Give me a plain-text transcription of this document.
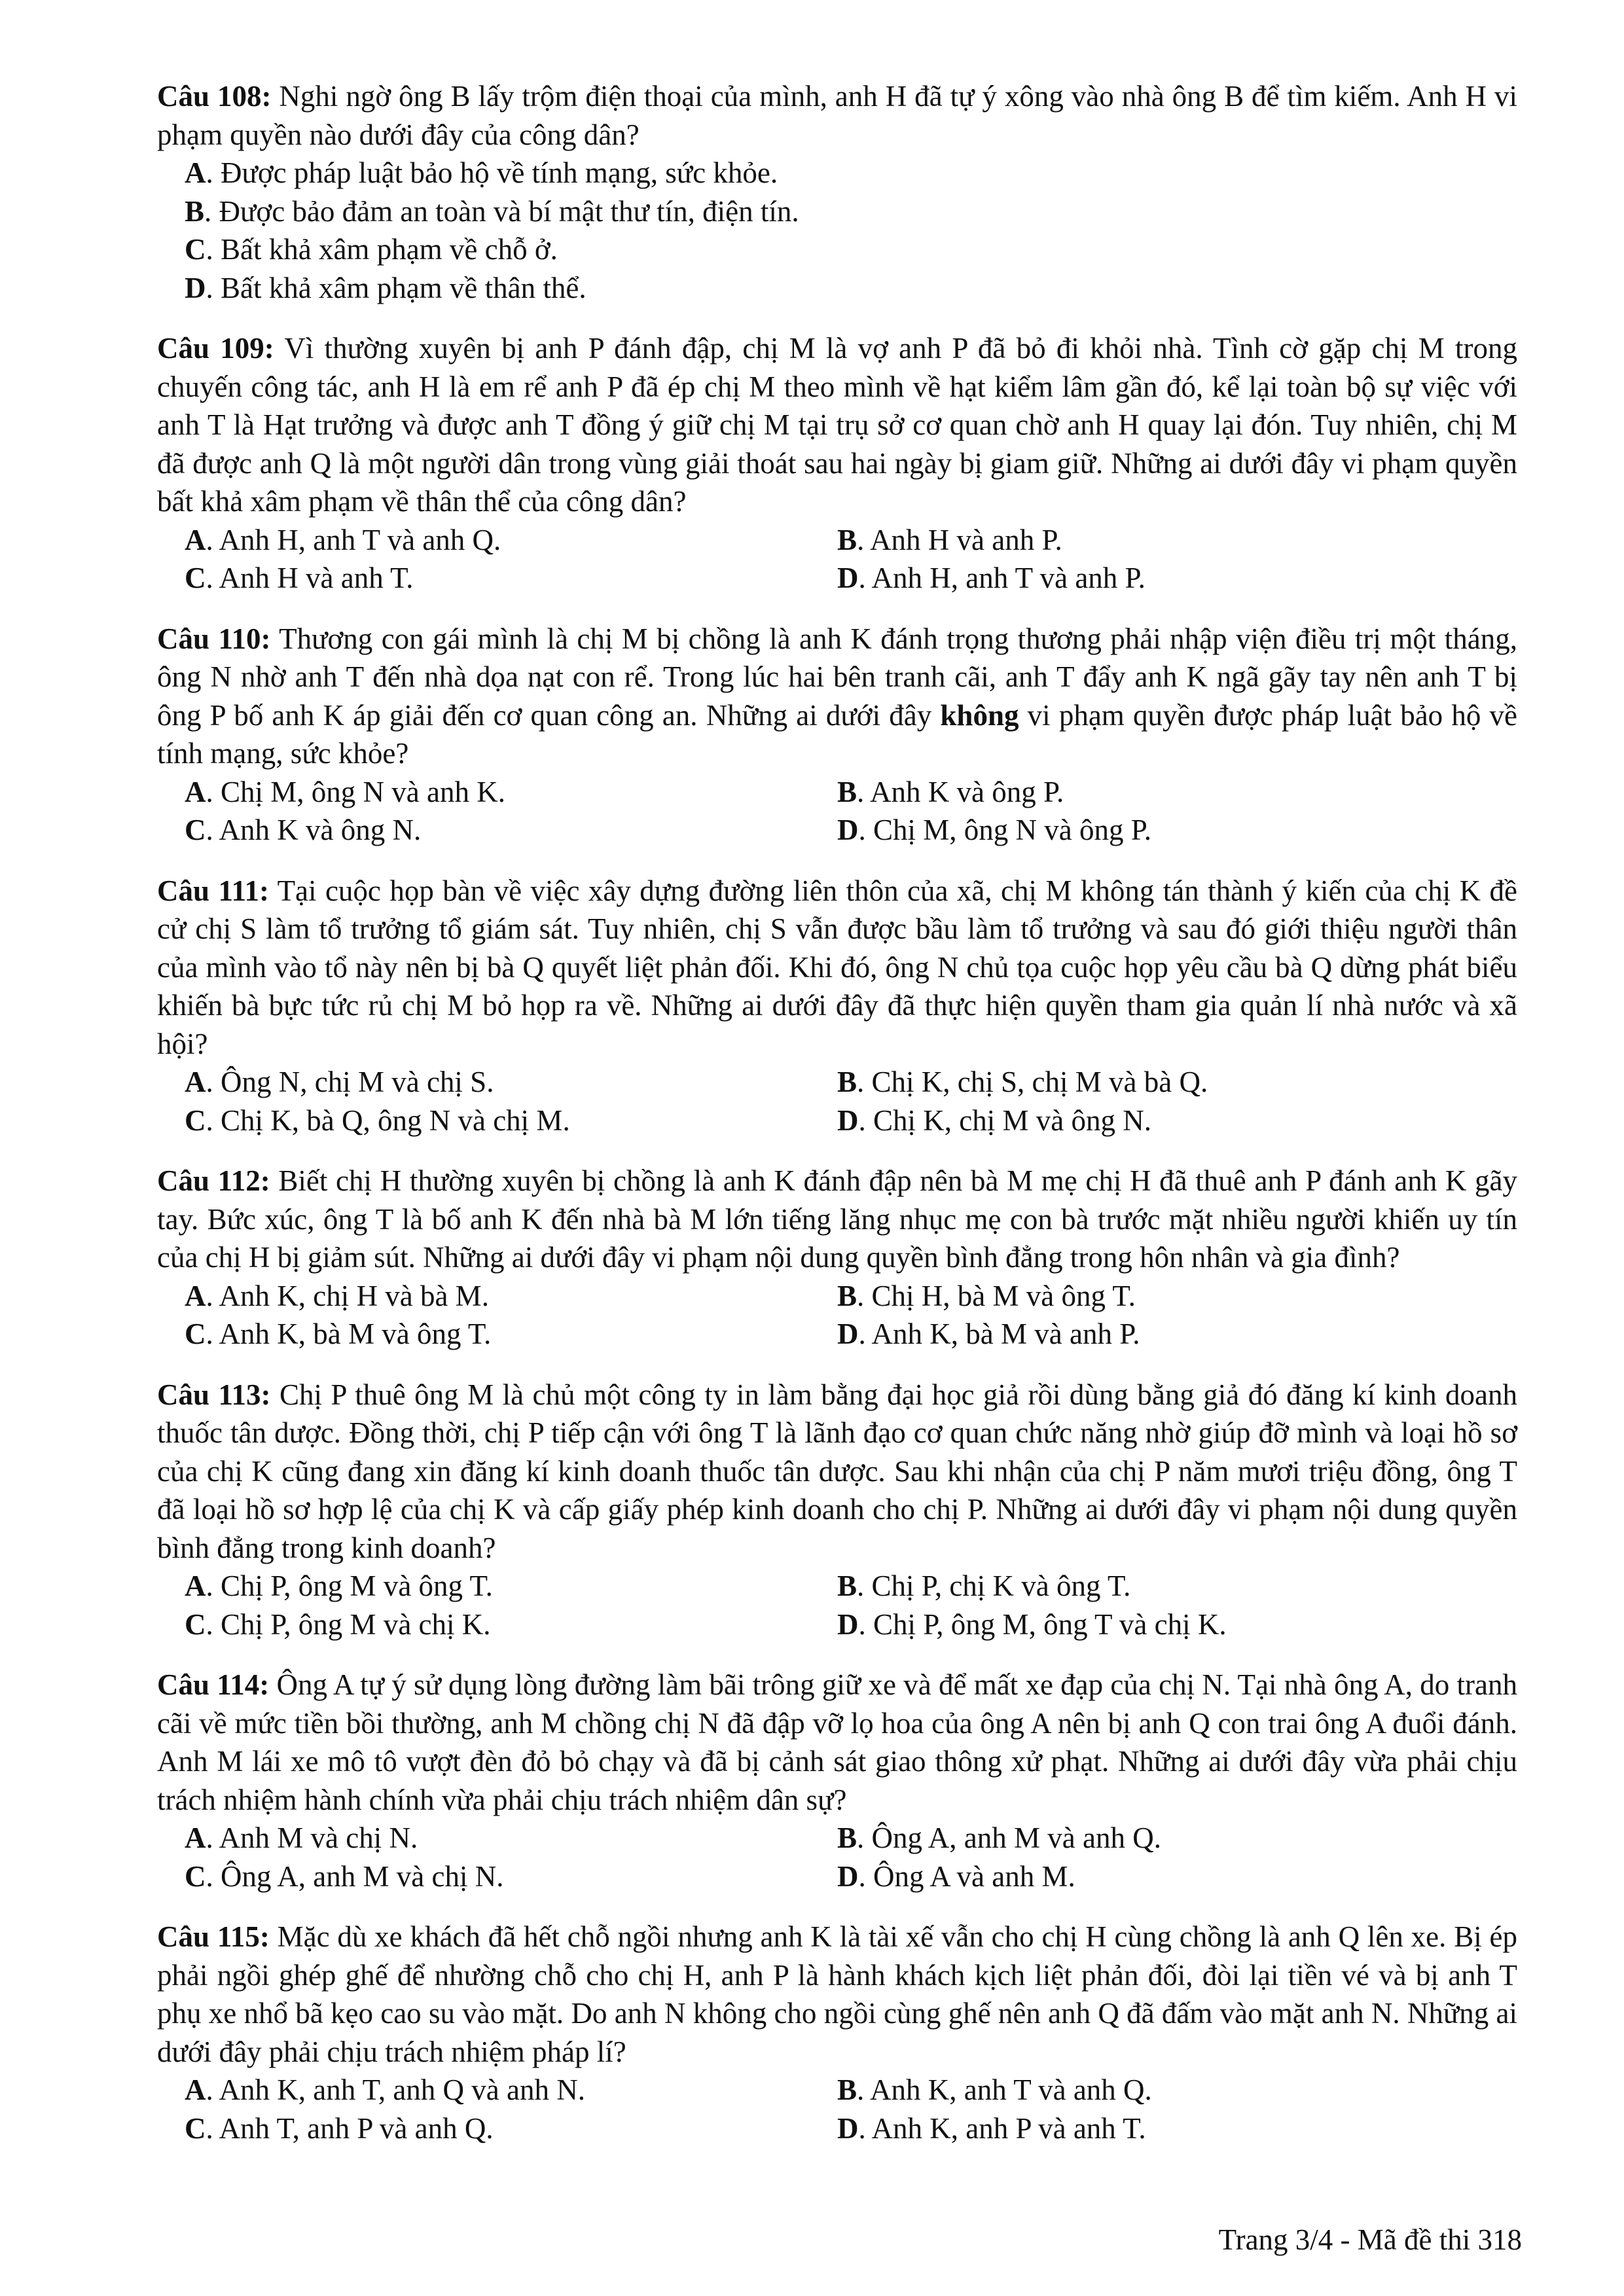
Câu 108: Nghi ngờ ông B lấy trộm điện thoại của mình, anh H đã tự ý xông vào nhà ông B để tìm kiếm. Anh H vi phạm quyền nào dưới đây của công dân?

A. Được pháp luật bảo hộ về tính mạng, sức khỏe.
B. Được bảo đảm an toàn và bí mật thư tín, điện tín.
C. Bất khả xâm phạm về chỗ ở.
D. Bất khả xâm phạm về thân thể.

Câu 109: Vì thường xuyên bị anh P đánh đập, chị M là vợ anh P đã bỏ đi khỏi nhà. Tình cờ gặp chị M trong chuyến công tác, anh H là em rể anh P đã ép chị M theo mình về hạt kiểm lâm gần đó, kể lại toàn bộ sự việc với anh T là Hạt trưởng và được anh T đồng ý giữ chị M tại trụ sở cơ quan chờ anh H quay lại đón. Tuy nhiên, chị M đã được anh Q là một người dân trong vùng giải thoát sau hai ngày bị giam giữ. Những ai dưới đây vi phạm quyền bất khả xâm phạm về thân thể của công dân?

A. Anh H, anh T và anh Q.	B. Anh H và anh P.
C. Anh H và anh T.	D. Anh H, anh T và anh P.

Câu 110: Thương con gái mình là chị M bị chồng là anh K đánh trọng thương phải nhập viện điều trị một tháng, ông N nhờ anh T đến nhà dọa nạt con rể. Trong lúc hai bên tranh cãi, anh T đẩy anh K ngã gãy tay nên anh T bị ông P bố anh K áp giải đến cơ quan công an. Những ai dưới đây không vi phạm quyền được pháp luật bảo hộ về tính mạng, sức khỏe?

A. Chị M, ông N và anh K.	B. Anh K và ông P.
C. Anh K và ông N.	D. Chị M, ông N và ông P.

Câu 111: Tại cuộc họp bàn về việc xây dựng đường liên thôn của xã, chị M không tán thành ý kiến của chị K đề cử chị S làm tổ trưởng tổ giám sát. Tuy nhiên, chị S vẫn được bầu làm tổ trưởng và sau đó giới thiệu người thân của mình vào tổ này nên bị bà Q quyết liệt phản đối. Khi đó, ông N chủ tọa cuộc họp yêu cầu bà Q dừng phát biểu khiến bà bực tức rủ chị M bỏ họp ra về. Những ai dưới đây đã thực hiện quyền tham gia quản lí nhà nước và xã hội?

A. Ông N, chị M và chị S.	B. Chị K, chị S, chị M và bà Q.
C. Chị K, bà Q, ông N và chị M.	D. Chị K, chị M và ông N.

Câu 112: Biết chị H thường xuyên bị chồng là anh K đánh đập nên bà M mẹ chị H đã thuê anh P đánh anh K gãy tay. Bức xúc, ông T là bố anh K đến nhà bà M lớn tiếng lăng nhục mẹ con bà trước mặt nhiều người khiến uy tín của chị H bị giảm sút. Những ai dưới đây vi phạm nội dung quyền bình đẳng trong hôn nhân và gia đình?

A. Anh K, chị H và bà M.	B. Chị H, bà M và ông T.
C. Anh K, bà M và ông T.	D. Anh K, bà M và anh P.

Câu 113: Chị P thuê ông M là chủ một công ty in làm bằng đại học giả rồi dùng bằng giả đó đăng kí kinh doanh thuốc tân dược. Đồng thời, chị P tiếp cận với ông T là lãnh đạo cơ quan chức năng nhờ giúp đỡ mình và loại hồ sơ của chị K cũng đang xin đăng kí kinh doanh thuốc tân dược. Sau khi nhận của chị P năm mươi triệu đồng, ông T đã loại hồ sơ hợp lệ của chị K và cấp giấy phép kinh doanh cho chị P. Những ai dưới đây vi phạm nội dung quyền bình đẳng trong kinh doanh?

A. Chị P, ông M và ông T.	B. Chị P, chị K và ông T.
C. Chị P, ông M và chị K.	D. Chị P, ông M, ông T và chị K.

Câu 114: Ông A tự ý sử dụng lòng đường làm bãi trông giữ xe và để mất xe đạp của chị N. Tại nhà ông A, do tranh cãi về mức tiền bồi thường, anh M chồng chị N đã đập vỡ lọ hoa của ông A nên bị anh Q con trai ông A đuổi đánh. Anh M lái xe mô tô vượt đèn đỏ bỏ chạy và đã bị cảnh sát giao thông xử phạt. Những ai dưới đây vừa phải chịu trách nhiệm hành chính vừa phải chịu trách nhiệm dân sự?

A. Anh M và chị N.	B. Ông A, anh M và anh Q.
C. Ông A, anh M và chị N.	D. Ông A và anh M.

Câu 115: Mặc dù xe khách đã hết chỗ ngồi nhưng anh K là tài xế vẫn cho chị H cùng chồng là anh Q lên xe. Bị ép phải ngồi ghép ghế để nhường chỗ cho chị H, anh P là hành khách kịch liệt phản đối, đòi lại tiền vé và bị anh T phụ xe nhổ bã kẹo cao su vào mặt. Do anh N không cho ngồi cùng ghế nên anh Q đã đấm vào mặt anh N. Những ai dưới đây phải chịu trách nhiệm pháp lí?

A. Anh K, anh T, anh Q và anh N.	B. Anh K, anh T và anh Q.
C. Anh T, anh P và anh Q.	D. Anh K, anh P và anh T.
Trang 3/4 - Mã đề thi 318
